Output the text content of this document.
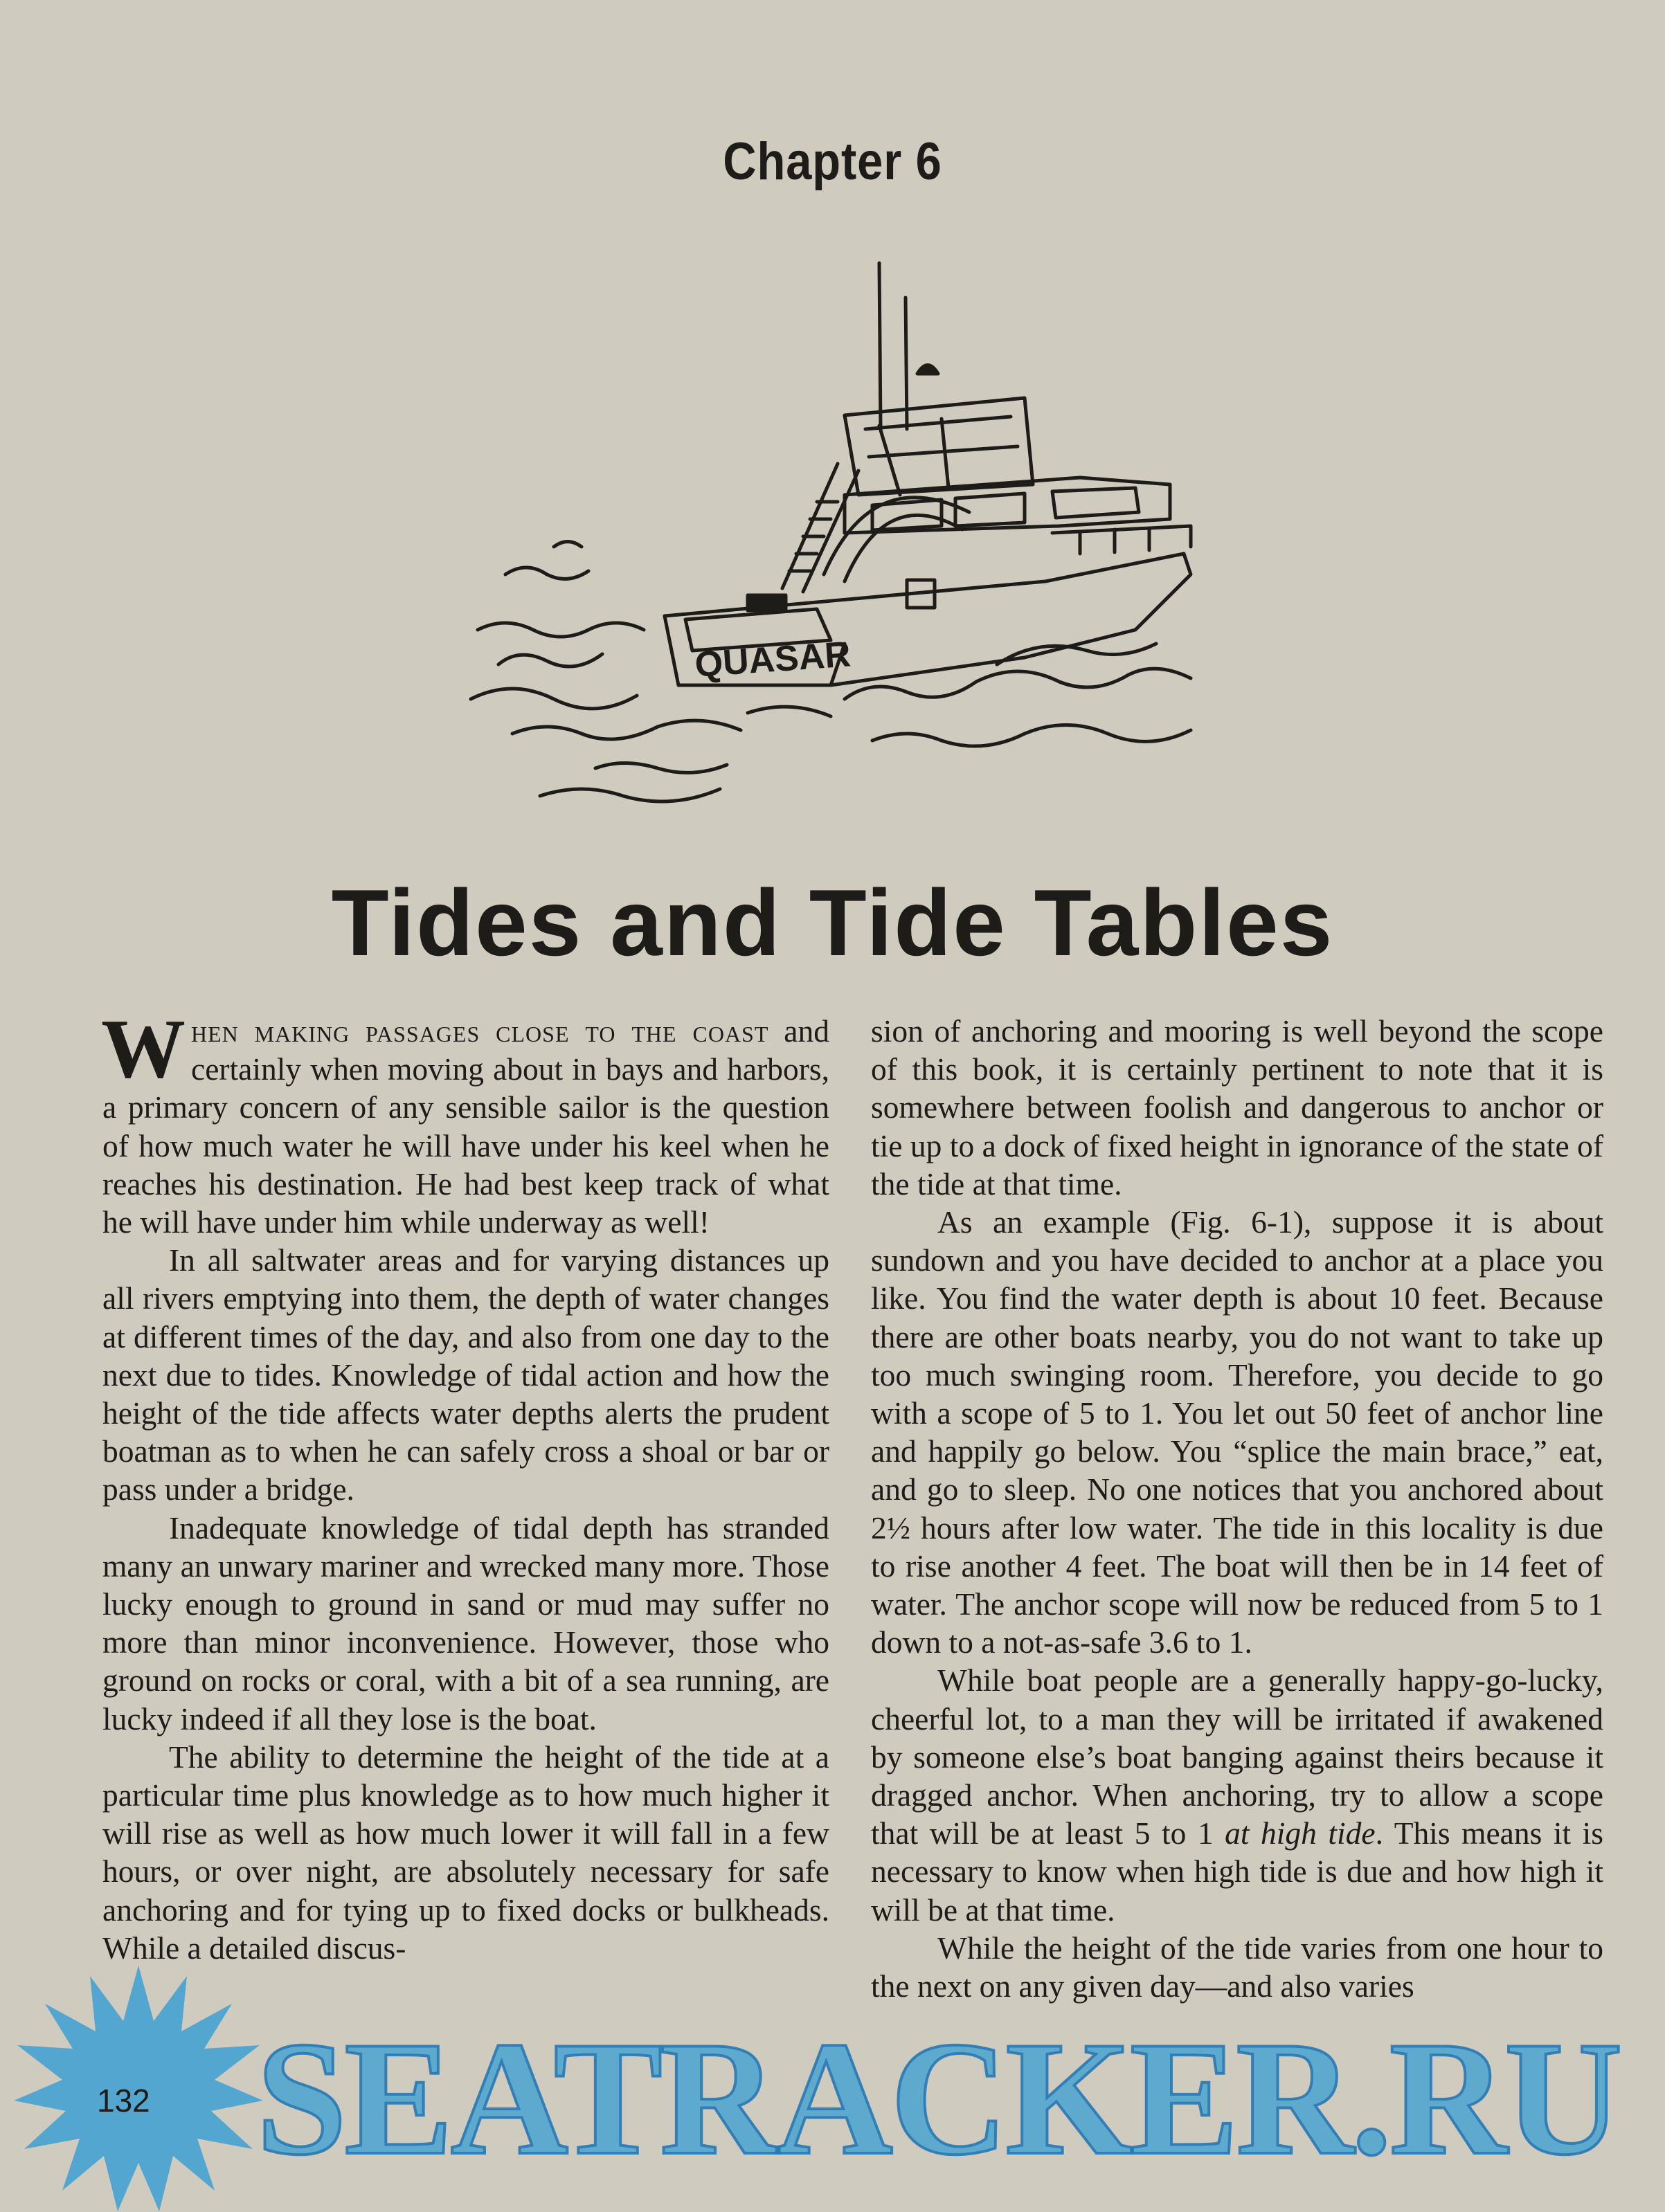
Chapter 6
QUASAR
Tides and Tide Tables

When making passages close to the coast and certainly when moving about in bays and harbors, a primary concern of any sensible sailor is the question of how much water he will have under his keel when he reaches his destination. He had best keep track of what he will have under him while underway as well!

In all saltwater areas and for varying distances up all rivers emptying into them, the depth of water changes at different times of the day, and also from one day to the next due to tides. Knowledge of tidal action and how the height of the tide affects water depths alerts the prudent boatman as to when he can safely cross a shoal or bar or pass under a bridge.

Inadequate knowledge of tidal depth has stranded many an unwary mariner and wrecked many more. Those lucky enough to ground in sand or mud may suffer no more than minor inconvenience. However, those who ground on rocks or coral, with a bit of a sea running, are lucky indeed if all they lose is the boat.

The ability to determine the height of the tide at a particular time plus knowledge as to how much higher it will rise as well as how much lower it will fall in a few hours, or over night, are absolutely necessary for safe anchoring and for tying up to fixed docks or bulkheads. While a detailed discus-

sion of anchoring and mooring is well beyond the scope of this book, it is certainly pertinent to note that it is somewhere between foolish and dangerous to anchor or tie up to a dock of fixed height in ignorance of the state of the tide at that time.

As an example (Fig. 6-1), suppose it is about sundown and you have decided to anchor at a place you like. You find the water depth is about 10 feet. Because there are other boats nearby, you do not want to take up too much swinging room. Therefore, you decide to go with a scope of 5 to 1. You let out 50 feet of anchor line and happily go below. You “splice the main brace,” eat, and go to sleep. No one notices that you anchored about 2½ hours after low water. The tide in this locality is due to rise another 4 feet. The boat will then be in 14 feet of water. The anchor scope will now be reduced from 5 to 1 down to a not-as-safe 3.6 to 1.

While boat people are a generally happy-go-lucky, cheerful lot, to a man they will be irritated if awakened by someone else’s boat banging against theirs because it dragged anchor. When anchoring, try to allow a scope that will be at least 5 to 1 at high tide. This means it is necessary to know when high tide is due and how high it will be at that time.

While the height of the tide varies from one hour to the next on any given day—and also varies

SEATRACKER.RU
132
